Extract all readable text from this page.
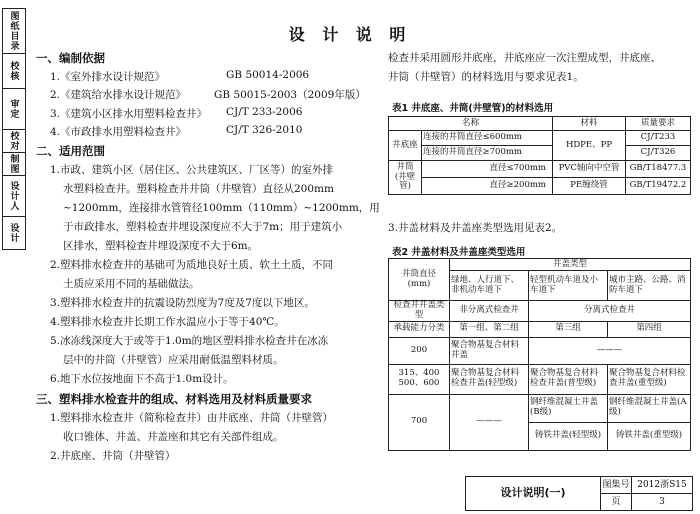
图纸目录
校核
审定
校对
制图
设计人
设计
设 计 说 明
一、编制依据
1.《室外排水设计规范》	GB 50014-2006
2.《建筑给水排水设计规范》	GB 50015-2003（2009年版）
3.《建筑小区排水用塑料检查井》 CJ/T 233-2006
4.《市政排水用塑料检查井》	CJ/T 326-2010
二、适用范围
1.市政、建筑小区（居住区、公共建筑区、厂区等）的室外排
水塑料检查井。塑料检查井井筒（井壁管）直径从200mm
~1200mm，连接排水管管径100mm（110mm）~1200mm，用
于市政排水，塑料检查井埋设深度应不大于7m；用于建筑小
区排水，塑料检查井埋设深度不大于6m。
2.塑料排水检查井的基础可为质地良好土质、软土土质，不同
土质应采用不同的基础做法。
3.塑料排水检查井的抗震设防烈度为7度及7度以下地区。
4.塑料排水检查井长期工作水温应小于等于40℃。
5.冰冻线深度大于或等于1.0m的地区塑料排水检查井在冰冻
层中的井筒（井壁管）应采用耐低温塑料材质。
6.地下水位按地面下不高于1.0m设计。
三、塑料排水检查井的组成、材料选用及材料质量要求
1.塑料排水检查井（简称检查井）由井底座、井筒（井壁管）
收口锥体、井盖、井盖座和其它有关部件组成。
2.井底座、井筒（井壁管）
检查井采用圆形井底座，井底座应一次注塑成型，井底座、
井筒（井壁管）的材料选用与要求见表1。
表1 井底座、井筒(井壁管)的材料选用
名称		材料	质量要求
井底座	连接的井筒直径≤600mm	HDPE、PP	CJ/T233
	连接的井筒直径≥700mm		CJ/T326
井筒
(井壁管)	直径≤700mm	PVC轴向中空管	GB/T18477.3
	直径≥200mm	PE缠绕管	GB/T19472.2
3.井盖材料及井盖座类型选用见表2。
表2 井盖材料及井盖座类型选用
井筒直径
(mm)	井盖类型		
	绿地、人行道下、非机动车道下	轻型机动车道及小车道下	城市主路、公路、消防车道下
检查井井盖类型	非分离式检查井	分离式检查井	
承载能力分类	第一组、第二组	第三组	第四组
200	聚合物基复合材料井盖	———	
315、400
500、600	聚合物基复合材料检查井盖(轻型级)	聚合物基复合材料检查井盖(普型级)	聚合物基复合材料检查井盖(重型级)
700	———	钢纤维混凝土井盖(B级)	钢纤维混凝土井盖(A级)
		铸铁井盖(轻型级)	铸铁井盖(重型级)
设计说明(一)	图集号	2012浙S15
	页	3
